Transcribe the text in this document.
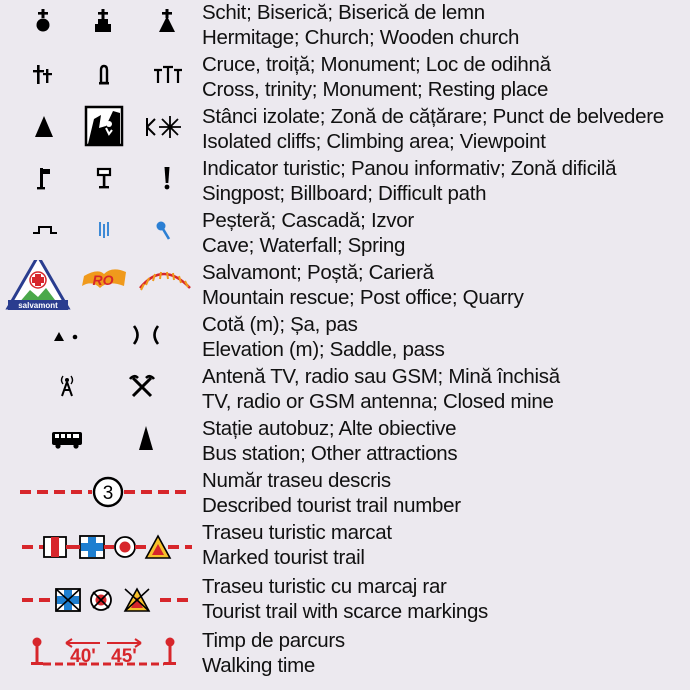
Schit; Biserică; Biserică de lemn
Hermitage; Church; Wooden church
Cruce, troiță; Monument; Loc de odihnă
Cross, trinity; Monument; Resting place
Stânci izolate; Zonă de cățărare; Punct de belvedere
Isolated cliffs; Climbing area; Viewpoint
Indicator turistic; Panou informativ; Zonă dificilă
Singpost; Billboard; Difficult path
Peșteră; Cascadă; Izvor
Cave; Waterfall; Spring
salvamont
RO	Salvamont; Poștă; Carieră
Mountain rescue; Post office; Quarry
Cotă (m); Șa, pas
Elevation (m); Saddle, pass
Antenă TV, radio sau GSM; Mină închisă
TV, radio or GSM antenna; Closed mine
Stație autobuz; Alte obiective
Bus station; Other attractions
3
Număr traseu descris
Described tourist trail number
Traseu turistic marcat
Marked tourist trail
Traseu turistic cu marcaj rar
Tourist trail with scarce markings
40' 45'
Timp de parcurs
Walking time
